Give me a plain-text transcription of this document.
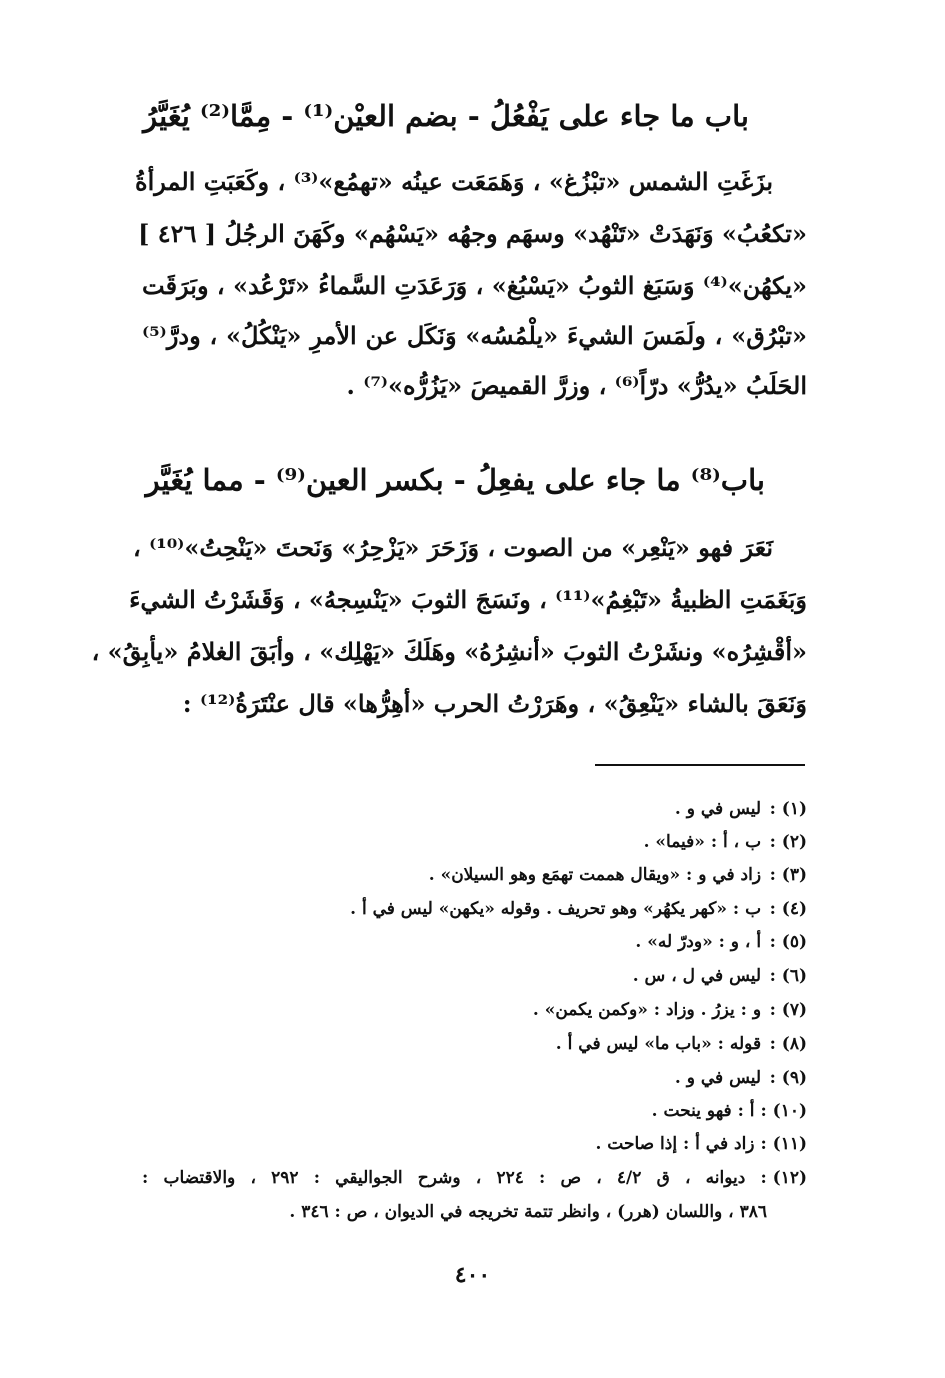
باب ما جاء على يَفْعُلُ - بضم العيْن⁽¹⁾ - مِمَّا⁽²⁾ يُغَيَّرُ
بزَغَتِ الشمس «تبْزُغ» ، وَهَمَعَت عينُه «تهمُع»⁽³⁾ ، وكَعَبَتِ المرأةُ
«تكعُبُ» وَنَهَدَتْ «تَنْهُد» وسهَم وجهُه «يَسْهُم» وكَهَنَ الرجُلُ [ ٤٢٦ ]
«يكهُن»⁽⁴⁾ وَسَبَغ الثوبُ «يَسْبُغ» ، وَرَعَدَتِ السَّماءُ «تَرْعُد» ، وبَرَقَت
«تبْرُق» ، ولَمَسَ الشيءَ «يلْمُسُه» وَنَكَل عن الأمرِ «يَنْكُلُ» ، ودرَّ⁽⁵⁾
الحَلَبُ «يدُرُّ» درّاً⁽⁶⁾ ، وزرَّ القميصَ «يَزُرُّه»⁽⁷⁾ .
باب⁽⁸⁾ ما جاء على يفعِلُ - بكسر العين⁽⁹⁾ - مما يُغَيَّر
نَعَرَ فهو «يَنْعِر» من الصوت ، وَزَحَرَ «يَزْحِرُ» وَنَحتَ «يَنْحِتُ»⁽¹⁰⁾ ،
وَبَغَمَتِ الظبيةُ «تَبْغِمُ»⁽¹¹⁾ ، ونَسَجَ الثوبَ «يَنْسِجهُ» ، وَقَشَرْتُ الشيءَ
«أقْشِرُه» ونشَرْتُ الثوبَ «أنشِرُهُ» وهَلَكَ «يَهْلِك» ، وأبَقَ الغلامُ «يأبِقُ» ،
وَنَعَقَ بالشاء «يَنْعِقُ» ، وهَرَرْتُ الحرب «أهِرُّها» قال عنْتَرَةُ⁽¹²⁾ :
(١) : ليس في و .
(٢) : ب ، أ : «فيما» .
(٣) : زاد في و : «ويقال هممت تهمَع وهو السيلان» .
(٤) : ب : «كهر يكهُر» وهو تحريف . وقوله «يكهن» ليس في أ .
(٥) : أ ، و : «ودرّ له» .
(٦) : ليس في ل ، س .
(٧) : و : يزرُ . وزاد : «وكمن يكمن» .
(٨) : قوله : «باب ما» ليس في أ .
(٩) : ليس في و .
(١٠) : أ : فهو ينحت .
(١١) : زاد في أ : إذا صاحت .
(١٢) : ديوانه ، ق ٤/٢ ، ص : ٢٢٤ ، وشرح الجواليقي : ٢٩٢ ، والاقتضاب :
٣٨٦ ، واللسان (هرر) ، وانظر تتمة تخريجه في الديوان ، ص : ٣٤٦ .
٤٠٠
